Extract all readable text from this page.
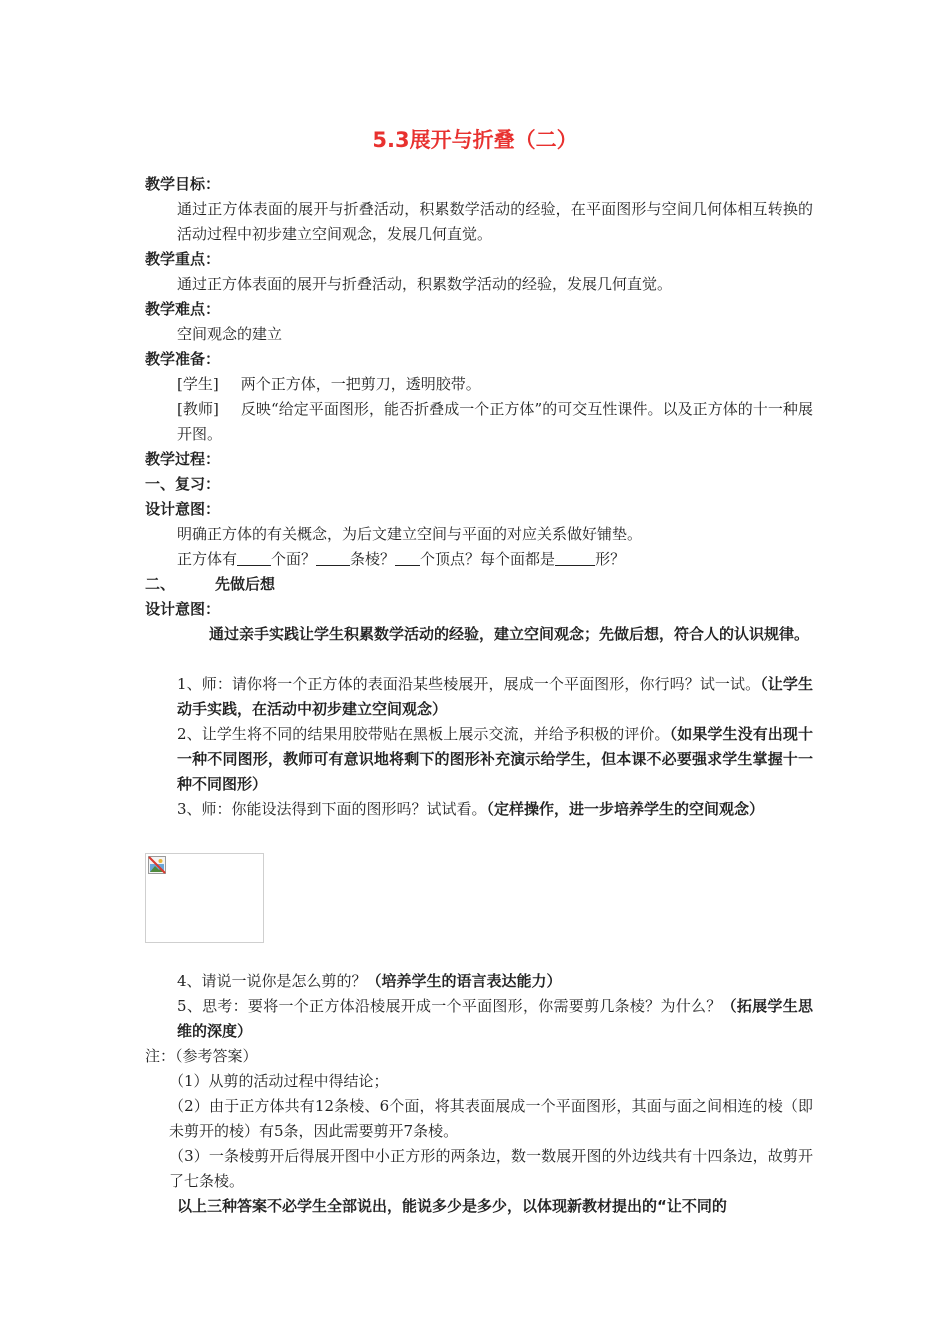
5.3展开与折叠（二）
教学目标：
通过正方体表面的展开与折叠活动，积累数学活动的经验，在平面图形与空间几何体相互转换的活动过程中初步建立空间观念，发展几何直觉。
教学重点：
通过正方体表面的展开与折叠活动，积累数学活动的经验，发展几何直觉。
教学难点：
空间观念的建立
教学准备：
[学生] 两个正方体，一把剪刀，透明胶带。
[教师] 反映“给定平面图形，能否折叠成一个正方体”的可交互性课件。以及正方体的十一种展开图。
教学过程：
一、复习：
设计意图：
明确正方体的有关概念，为后文建立空间与平面的对应关系做好铺垫。
正方体有 个面？ 条棱？ 个顶点？每个面都是	形？
二、	先做后想
设计意图：
通过亲手实践让学生积累数学活动的经验，建立空间观念；先做后想，符合人的认识规律。
1、师：请你将一个正方体的表面沿某些棱展开，展成一个平面图形，你行吗？试一试。（让学生动手实践，在活动中初步建立空间观念）
2、让学生将不同的结果用胶带贴在黑板上展示交流，并给予积极的评价。（如果学生没有出现十一种不同图形，教师可有意识地将剩下的图形补充演示给学生，但本课不必要强求学生掌握十一种不同图形）
3、师：你能设法得到下面的图形吗？试试看。（定样操作，进一步培养学生的空间观念）
4、请说一说你是怎么剪的？（培养学生的语言表达能力）
5、思考：要将一个正方体沿棱展开成一个平面图形，你需要剪几条棱？为什么？（拓展学生思维的深度）
注：（参考答案）
（1）从剪的活动过程中得结论；
（2）由于正方体共有12条棱、6个面，将其表面展成一个平面图形，其面与面之间相连的棱（即未剪开的棱）有5条，因此需要剪开7条棱。
（3）一条棱剪开后得展开图中小正方形的两条边，数一数展开图的外边线共有十四条边，故剪开了七条棱。
以上三种答案不必学生全部说出，能说多少是多少，以体现新教材提出的“让不同的
